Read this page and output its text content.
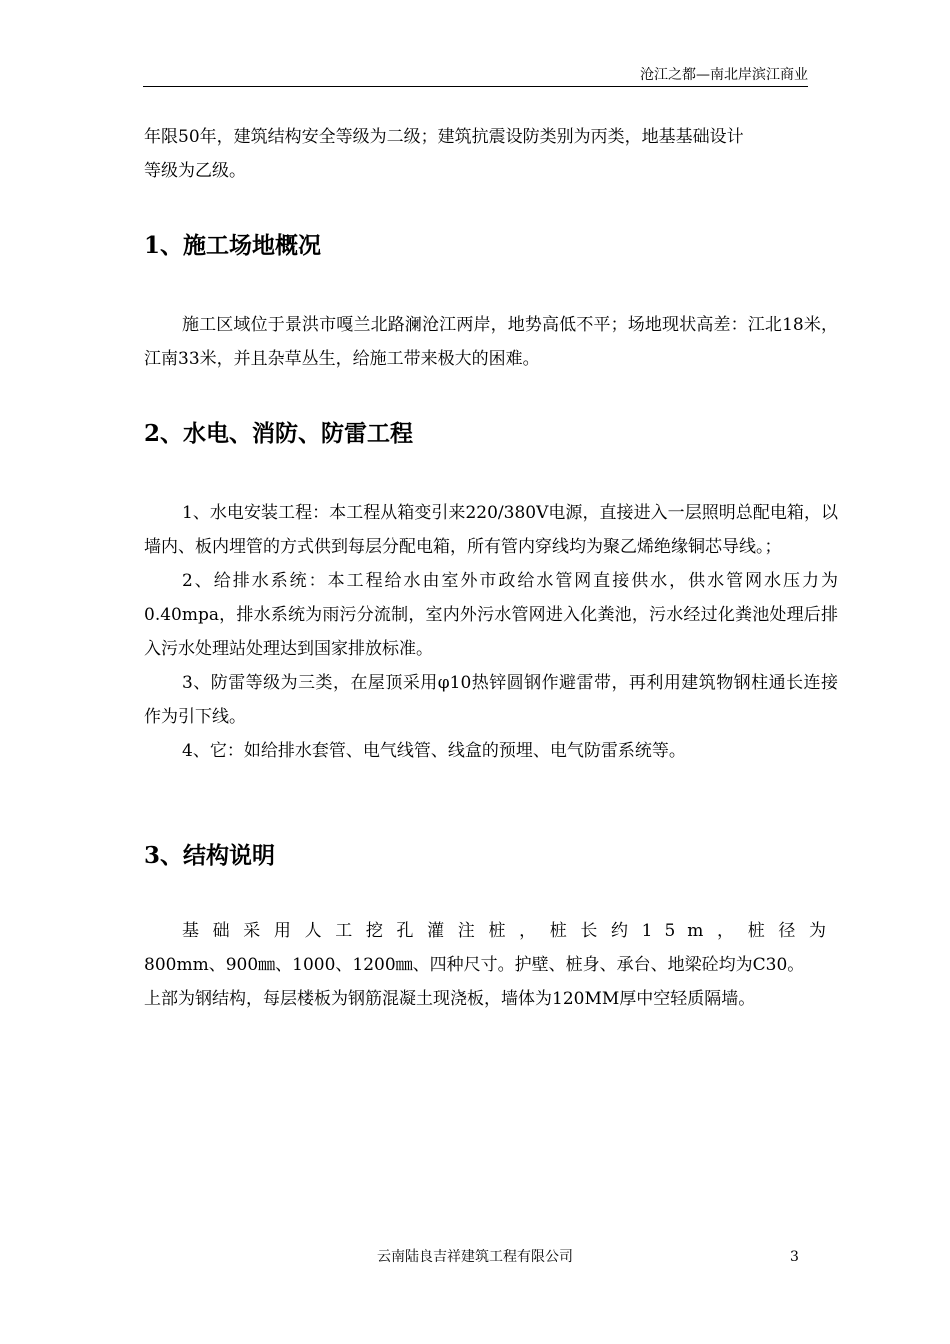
沧江之都—南北岸滨江商业

年限50年，建筑结构安全等级为二级；建筑抗震设防类别为丙类，地基基础设计

等级为乙级。

1、施工场地概况

施工区域位于景洪市嘎兰北路澜沧江两岸，地势高低不平；场地现状高差：江北18米，江南33米，并且杂草丛生，给施工带来极大的困难。

2、水电、消防、防雷工程

1、水电安装工程：本工程从箱变引来220/380V电源，直接进入一层照明总配电箱，以墙内、板内埋管的方式供到每层分配电箱，所有管内穿线均为聚乙烯绝缘铜芯导线。；

2、给排水系统：本工程给水由室外市政给水管网直接供水，供水管网水压力为0.40mpa，排水系统为雨污分流制，室内外污水管网进入化粪池，污水经过化粪池处理后排入污水处理站处理达到国家排放标准。

3、防雷等级为三类，在屋顶采用φ10热锌圆钢作避雷带，再利用建筑物钢柱通长连接作为引下线。

4、它：如给排水套管、电气线管、线盒的预埋、电气防雷系统等。

3、结构说明

基础采用人工挖孔灌注桩，桩长约15m，桩径为

800mm、900㎜、1000、1200㎜、四种尺寸。护壁、桩身、承台、地梁砼均为C30。

上部为钢结构，每层楼板为钢筋混凝土现浇板，墙体为120MM厚中空轻质隔墙。

云南陆良吉祥建筑工程有限公司	3
